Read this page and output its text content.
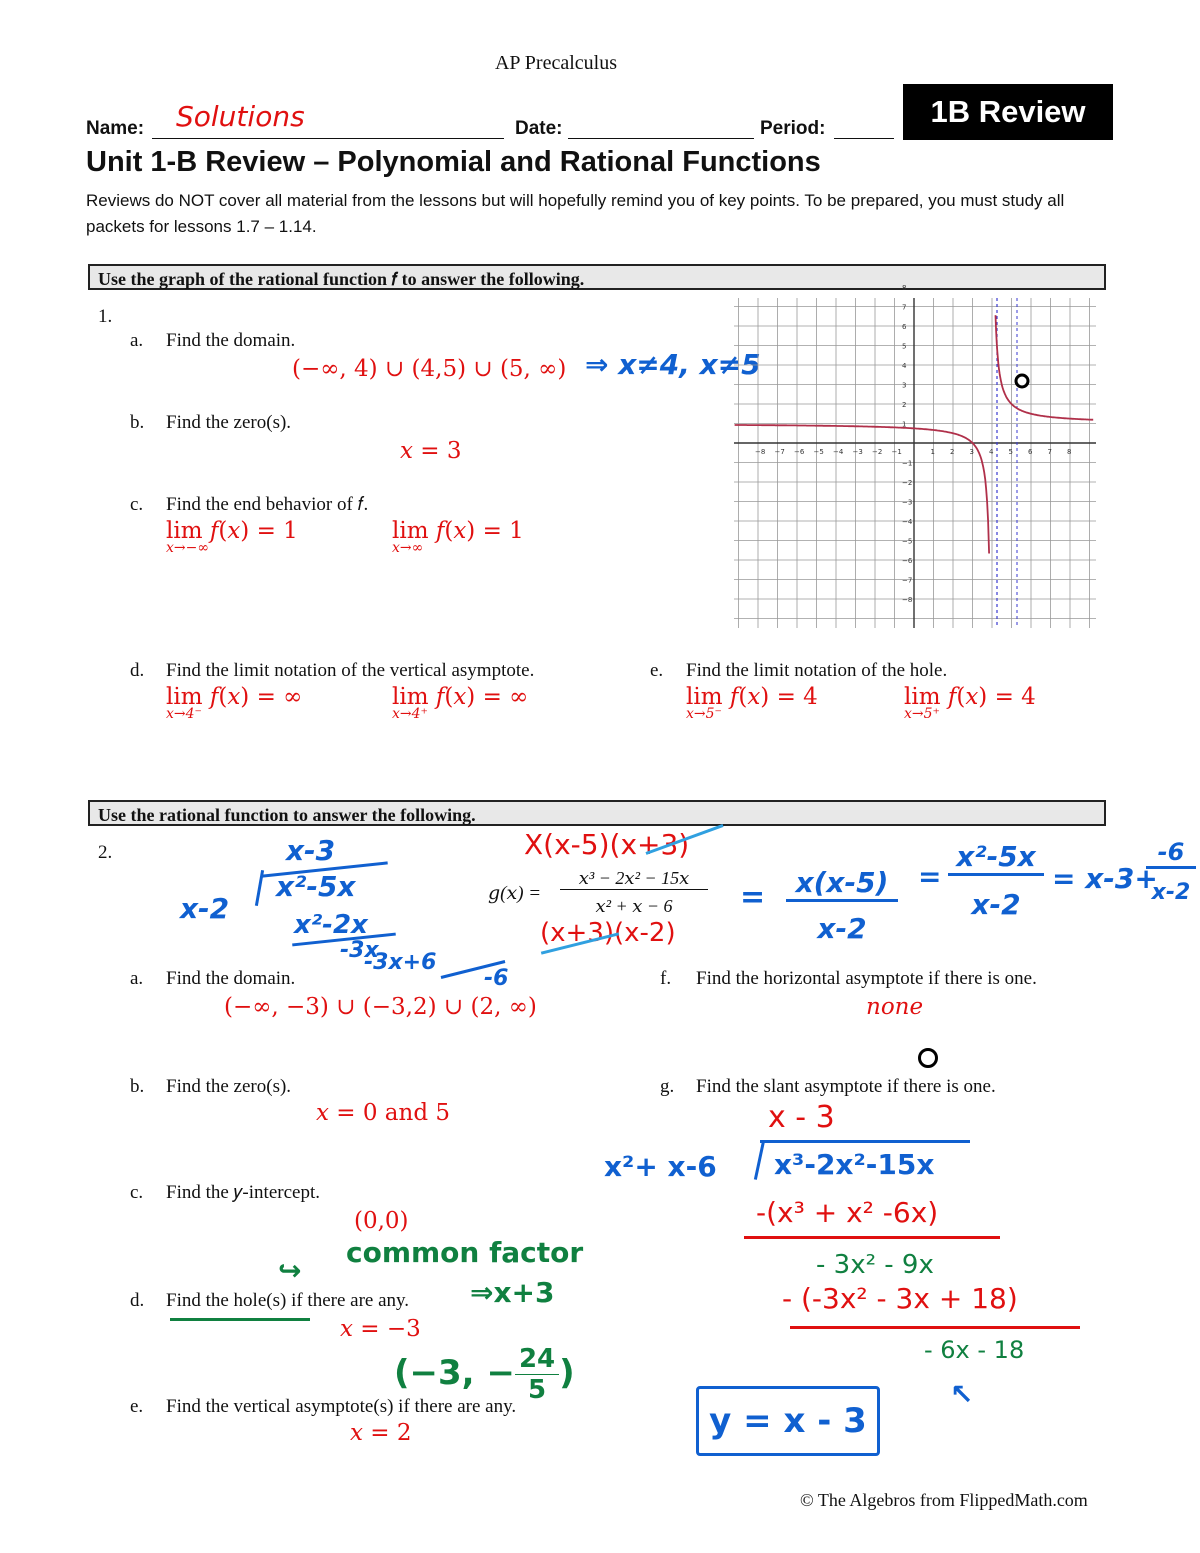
AP Precalculus
Name: Solutions	Date:	Period:	1B Review
Unit 1-B Review – Polynomial and Rational Functions
Reviews do NOT cover all material from the lessons but will hopefully remind you of key points. To be prepared, you must study all packets for lessons 1.7 – 1.14.
Use the graph of the rational function 𝑓 to answer the following.
1.
a. Find the domain.
(−∞, 4) ∪ (4,5) ∪ (5, ∞) ⇒ x≠4, x≠5
b. Find the zero(s).
𝑥 = 3
c. Find the end behavior of 𝑓.
lim 𝑓(𝑥) = 1
x→−∞
lim 𝑓(𝑥) = 1
x→∞
−8 −7 −6 −5 −4 −3 −2 −1	1 2 3 4 5 6 7 8
8
7
6
5
4
3
2
1
−1
−2
−3
−4
−5
−6
−7
−8
d. Find the limit notation of the vertical asymptote.
lim 𝑓(𝑥) = ∞
x→4⁻
lim 𝑓(𝑥) = ∞
x→4⁺
e. Find the limit notation of the hole.
lim 𝑓(𝑥) = 4
x→5⁻
lim 𝑓(𝑥) = 4
x→5⁺
Use the rational function to answer the following.
2.	x-3
x-2
x²-5x
x²-2x
-3x
-3x+6
-6
X(x-5)(x+3)
𝑔(𝑥) =
𝑥³ − 2𝑥² − 15𝑥
𝑥² + 𝑥 − 6
(x+3)(x-2)
=	x(x-5)
x-2
=
x²-5x
x-2
= x-3+
-6
x-2
a. Find the domain.
(−∞, −3) ∪ (−3,2) ∪ (2, ∞)
f. Find the horizontal asymptote if there is one.
none
b. Find the zero(s).
𝑥 = 0 and 5
g. Find the slant asymptote if there is one.
x - 3
x²+ x-6 x³-2x²-15x
-(x³ + x² -6x)
- 3x² - 9x
- (-3x² - 3x + 18)
- 6x - 18
↖
y = x - 3
c. Find the 𝑦-intercept.
(0,0)
↪
common factor
⇒x+3
d. Find the hole(s) if there are any.
𝑥 = −3
(−3, − $\frac{24}{5}$ )
e. Find the vertical asymptote(s) if there are any.
𝑥 = 2
© The Algebros from FlippedMath.com
